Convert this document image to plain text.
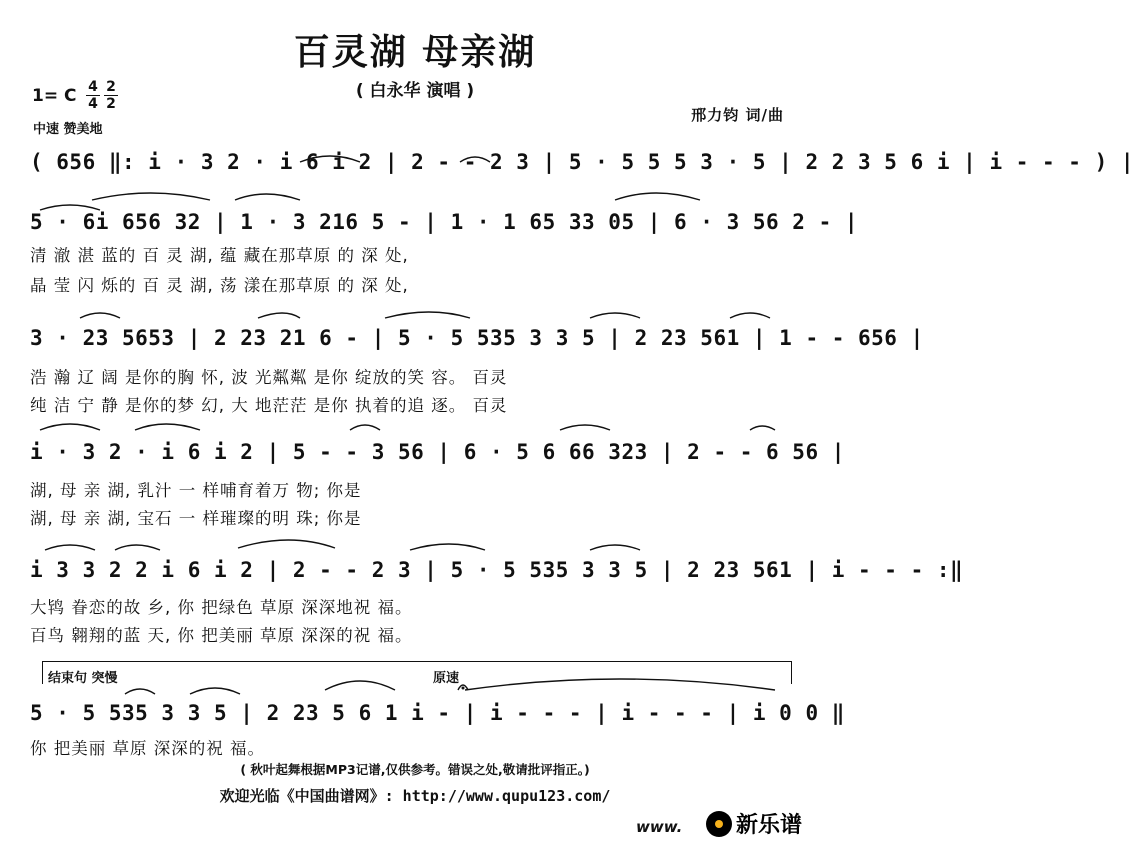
百灵湖 母亲湖
( 白永华 演唱 )
1= C $\frac{4}{4} \frac{2}{2}$
中速 赞美地
邢力钧 词/曲
( 656 ‖: i · 3 2 · i 6 i 2 | 2 - - 2 3 | 5 · 5 5 5 3 · 5 | 2 2 3 5 6 i | i - - - ) |
5 · 6i 656 32 | 1 · 3 216 5 - | 1 · 1 65 33 05 | 6 · 3 56 2 - |
清 澈 湛 蓝的 百 灵 湖, 蕴 藏在那草原 的 深 处,
晶 莹 闪 烁的 百 灵 湖, 荡 漾在那草原 的 深 处,
3 · 23 5653 | 2 23 21 6 - | 5 · 5 535 3 3 5 | 2 23 561 | 1 - - 656 |
浩 瀚 辽 阔 是你的胸 怀, 波 光粼粼 是你 绽放的笑 容。 百灵
纯 洁 宁 静 是你的梦 幻, 大 地茫茫 是你 执着的追 逐。 百灵
i · 3 2 · i 6 i 2 | 5 - - 3 56 | 6 · 5 6 66 323 | 2 - - 6 56 |
湖, 母 亲 湖, 乳汁 一 样哺育着万 物; 你是
湖, 母 亲 湖, 宝石 一 样璀璨的明 珠; 你是
i 3 3 2 2 i 6 i 2 | 2 - - 2 3 | 5 · 5 535 3 3 5 | 2 23 561 | i - - - :‖
大鸨 眷恋的故 乡, 你 把绿色 草原 深深地祝 福。
百鸟 翱翔的蓝 天, 你 把美丽 草原 深深的祝 福。
结束句 突慢	原速
5 · 5 535 3 3 5 | 2 23 5 6 1 i - | i - - - | i - - - | i 0 0 ‖
你 把美丽 草原 深深的祝 福。
( 秋叶起舞根据MP3记谱,仅供参考。错误之处,敬请批评指正。)
欢迎光临《中国曲谱网》: http://www.qupu123.com/
www. 新乐谱
